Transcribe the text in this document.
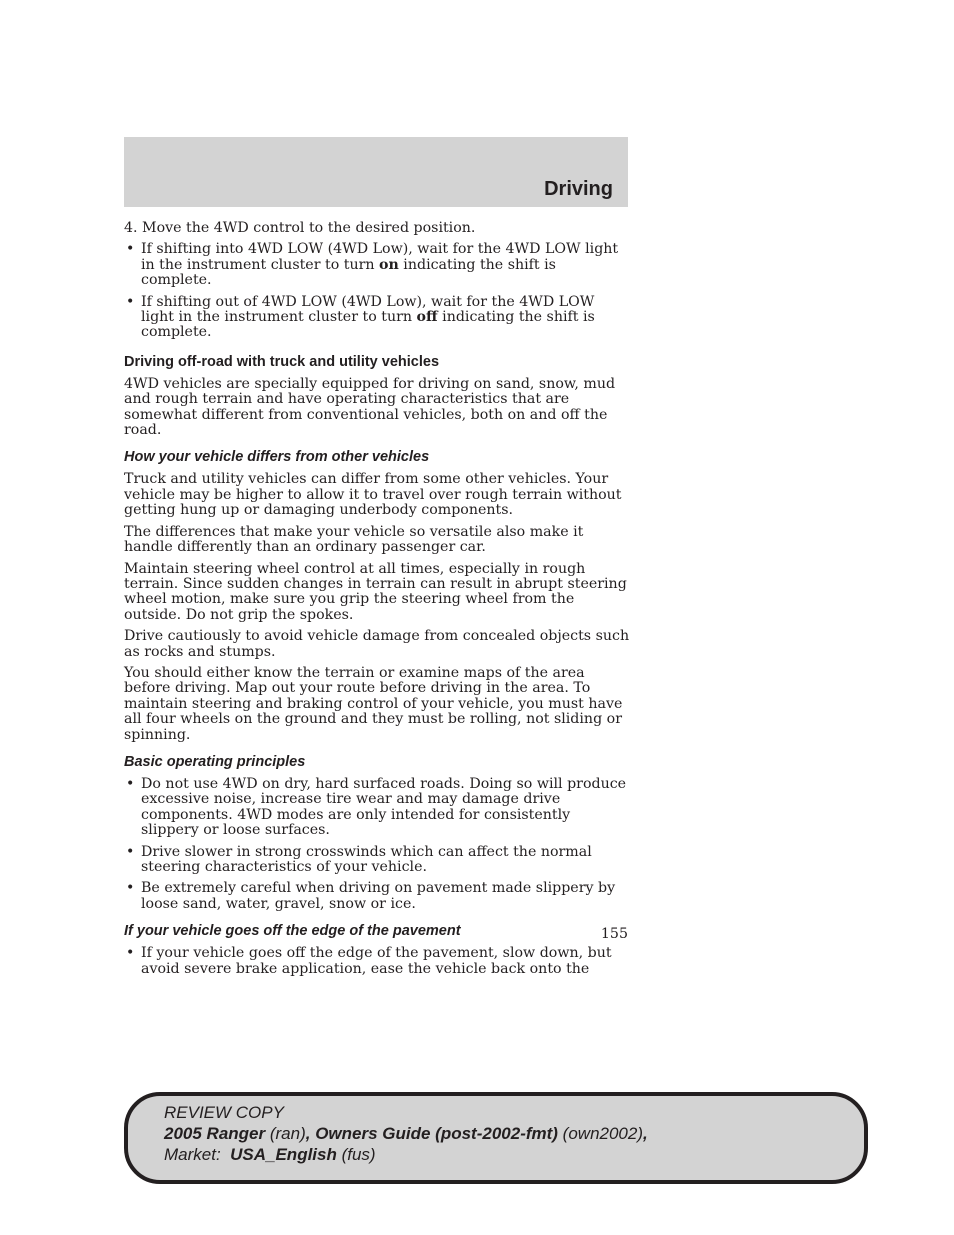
Driving

4. Move the 4WD control to the desired position.

• If shifting into 4WD LOW (4WD Low), wait for the 4WD LOW light in the instrument cluster to turn on indicating the shift is complete.
• If shifting out of 4WD LOW (4WD Low), wait for the 4WD LOW light in the instrument cluster to turn off indicating the shift is complete.
Driving off-road with truck and utility vehicles

4WD vehicles are specially equipped for driving on sand, snow, mud and rough terrain and have operating characteristics that are somewhat different from conventional vehicles, both on and off the road.

How your vehicle differs from other vehicles

Truck and utility vehicles can differ from some other vehicles. Your vehicle may be higher to allow it to travel over rough terrain without getting hung up or damaging underbody components.

The differences that make your vehicle so versatile also make it handle differently than an ordinary passenger car.

Maintain steering wheel control at all times, especially in rough terrain. Since sudden changes in terrain can result in abrupt steering wheel motion, make sure you grip the steering wheel from the outside. Do not grip the spokes.

Drive cautiously to avoid vehicle damage from concealed objects such as rocks and stumps.

You should either know the terrain or examine maps of the area before driving. Map out your route before driving in the area. To maintain steering and braking control of your vehicle, you must have all four wheels on the ground and they must be rolling, not sliding or spinning.

Basic operating principles
• Do not use 4WD on dry, hard surfaced roads. Doing so will produce excessive noise, increase tire wear and may damage drive components. 4WD modes are only intended for consistently slippery or loose surfaces.
• Drive slower in strong crosswinds which can affect the normal steering characteristics of your vehicle.
• Be extremely careful when driving on pavement made slippery by loose sand, water, gravel, snow or ice.
If your vehicle goes off the edge of the pavement
• If your vehicle goes off the edge of the pavement, slow down, but avoid severe brake application, ease the vehicle back onto the
155
REVIEW COPY
2005 Ranger (ran), Owners Guide (post-2002-fmt) (own2002),
Market:  USA_English (fus)
